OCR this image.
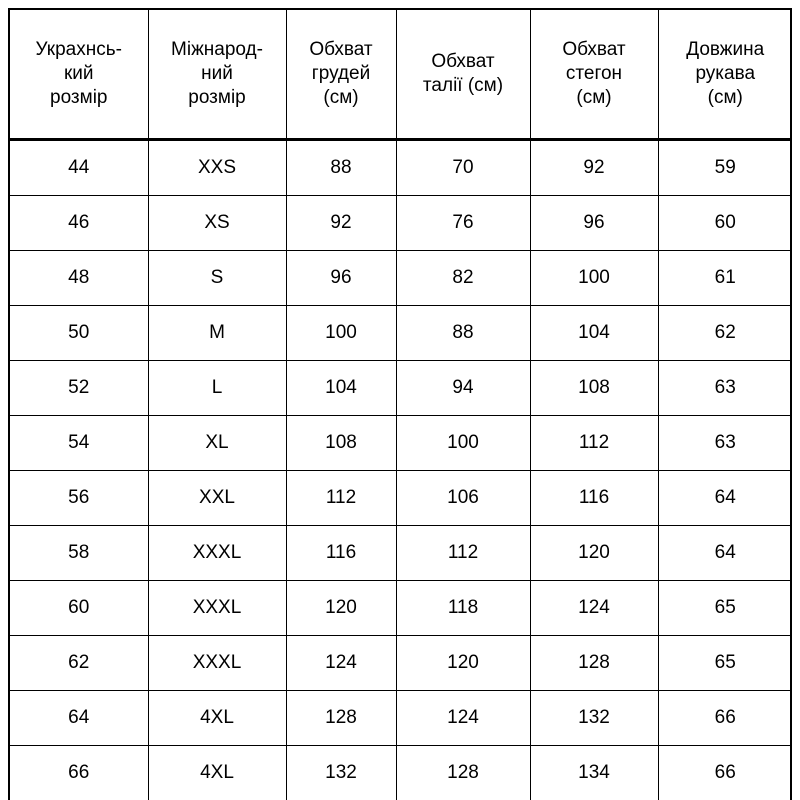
Украхнсь-
кий
розмір	Міжнарод-
ний
розмір	Обхват
грудей
(см)	Обхват
талії (см)	Обхват
стегон
(см)	Довжина
рукава
(см)
44	XXS	88	70	92	59
46	XS	92	76	96	60
48	S	96	82	100	61
50	M	100	88	104	62
52	L	104	94	108	63
54	XL	108	100	112	63
56	XXL	112	106	116	64
58	XXXL	116	112	120	64
60	XXXL	120	118	124	65
62	XXXL	124	120	128	65
64	4XL	128	124	132	66
66	4XL	132	128	134	66
